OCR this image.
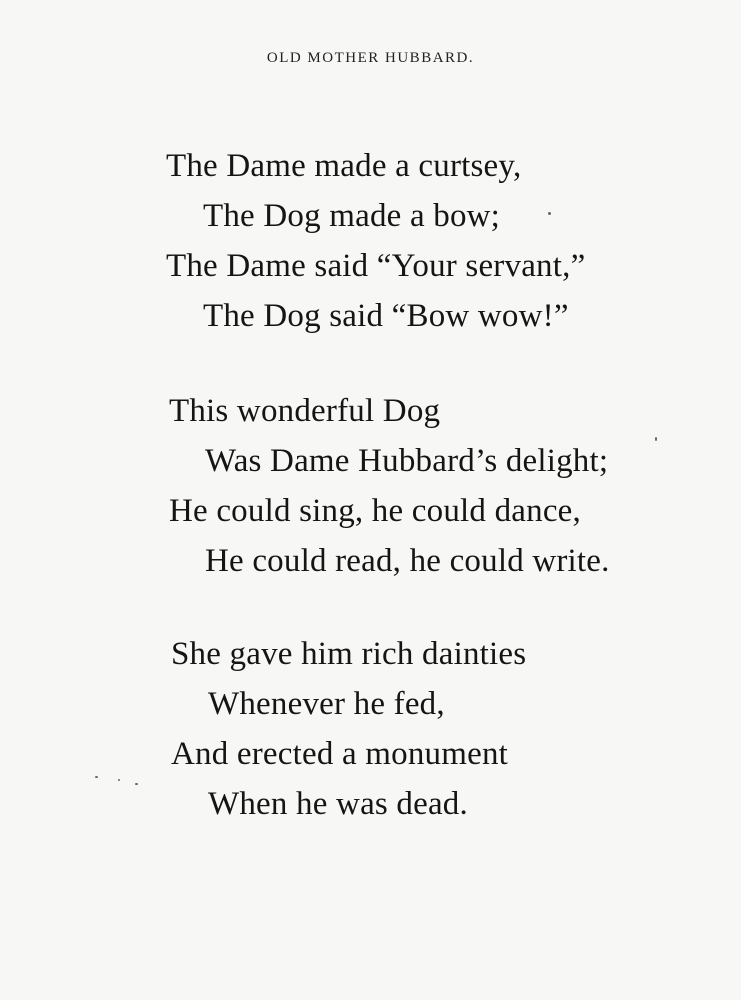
OLD MOTHER HUBBARD.
The Dame made a curtsey,
The Dog made a bow;
The Dame said “Your servant,”
The Dog said “Bow wow!”
This wonderful Dog
Was Dame Hubbard’s delight;
He could sing, he could dance,
He could read, he could write.
She gave him rich dainties
Whenever he fed,
And erected a monument
When he was dead.
